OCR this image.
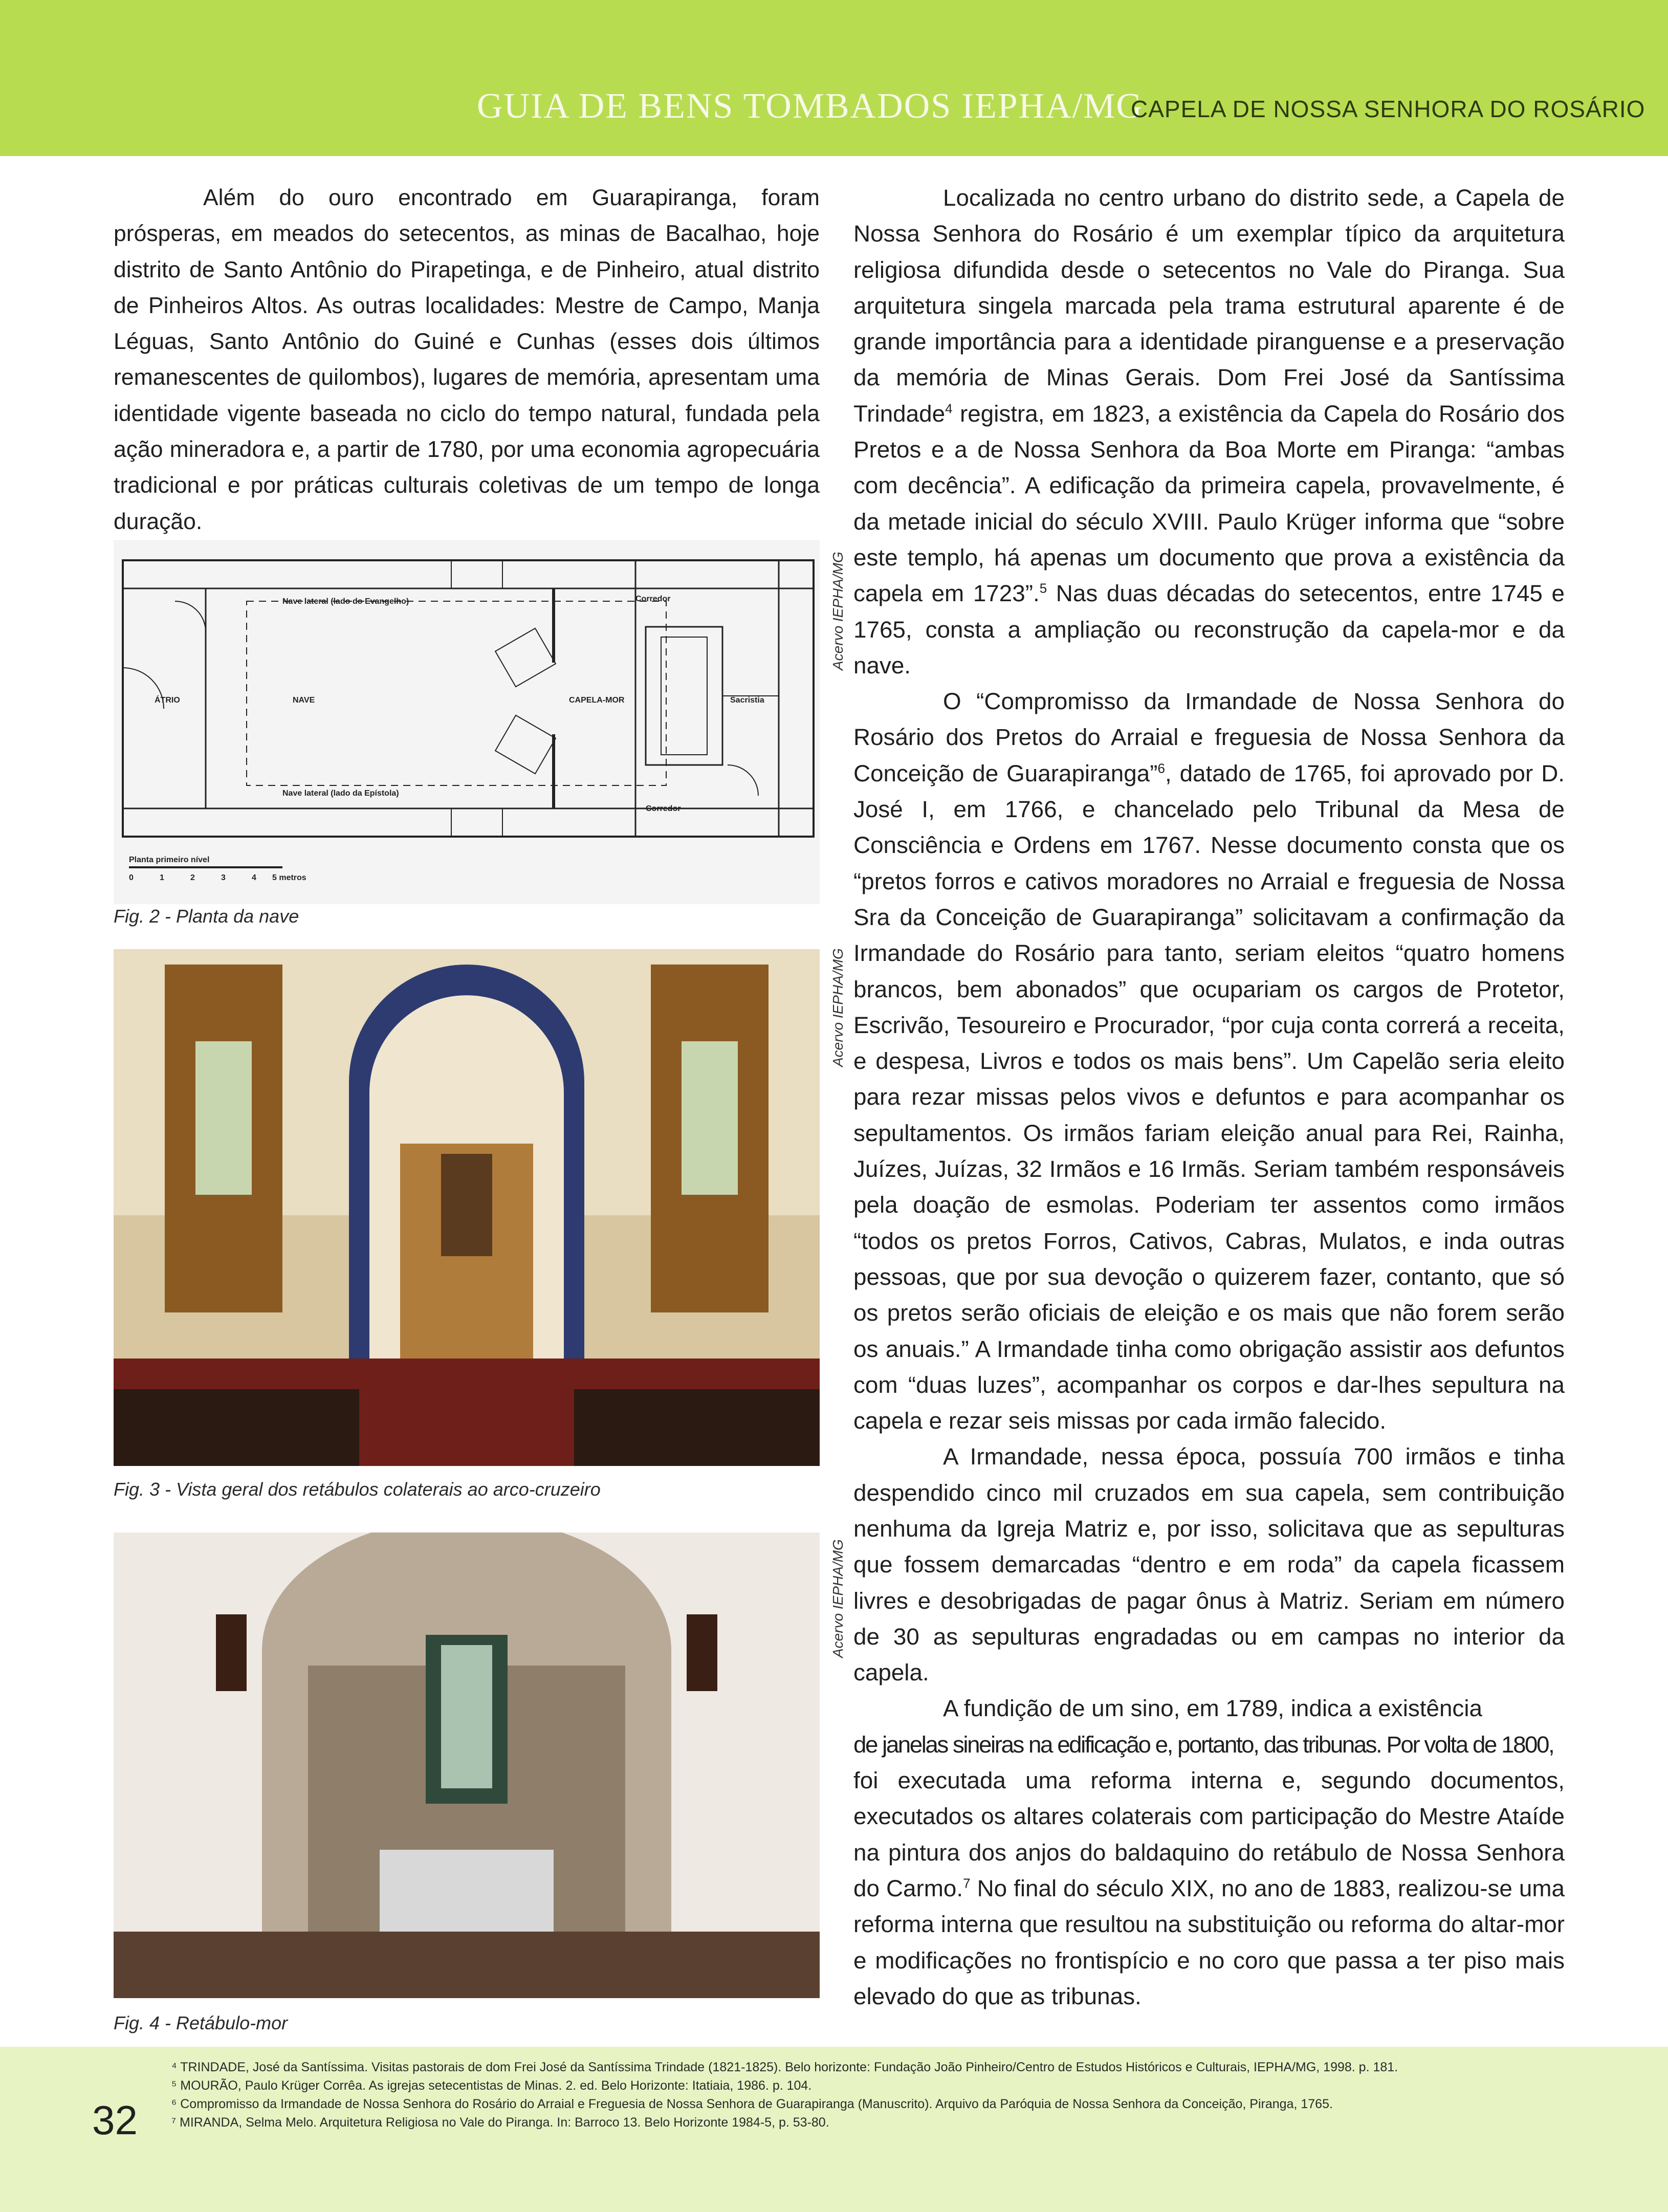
GUIA DE BENS TOMBADOS IEPHA/MG
CAPELA DE NOSSA SENHORA DO ROSÁRIO

Além do ouro encontrado em Guarapiranga, foram prósperas, em meados do setecentos, as minas de Bacalhao, hoje distrito de Santo Antônio do Pirapetinga, e de Pinheiro, atual distrito de Pinheiros Altos. As outras localidades: Mestre de Campo, Manja Léguas, Santo Antônio do Guiné e Cunhas (esses dois últimos remanescentes de quilombos), lugares de memória, apresentam uma identidade vigente baseada no ciclo do tempo natural, fundada pela ação mineradora e, a partir de 1780, por uma economia agropecuária tradicional e por práticas culturais coletivas de um tempo de longa duração.

Nave lateral (lado do Evangelho)
Nave lateral (lado da Epístola)
ÁTRIO	NAVE	CAPELA-MOR	Sacristia
Corredor
Corredor
Planta primeiro nível
0	1	2	3	4 5 metros
Fig. 2 - Planta da nave
Acervo IEPHA/MG
Fig. 3 - Vista geral dos retábulos colaterais ao arco-cruzeiro
Acervo IEPHA/MG
Fig. 4 - Retábulo-mor
Acervo IEPHA/MG

Localizada no centro urbano do distrito sede, a Capela de Nossa Senhora do Rosário é um exemplar típico da arquitetura religiosa difundida desde o setecentos no Vale do Piranga. Sua arquitetura singela marcada pela trama estrutural aparente é de grande importância para a identidade piranguense e a preservação da memória de Minas Gerais. Dom Frei José da Santíssima Trindade$^4$ registra, em 1823, a existência da Capela do Rosário dos Pretos e a de Nossa Senhora da Boa Morte em Piranga: “ambas com decência”. A edificação da primeira capela, provavelmente, é da metade inicial do século XVIII. Paulo Krüger informa que “sobre este templo, há apenas um documento que prova a existência da capela em 1723”.$^5$ Nas duas décadas do setecentos, entre 1745 e 1765, consta a ampliação ou reconstrução da capela-mor e da nave.

O “Compromisso da Irmandade de Nossa Senhora do Rosário dos Pretos do Arraial e freguesia de Nossa Senhora da Conceição de Guarapiranga”$^6$, datado de 1765, foi aprovado por D. José I, em 1766, e chancelado pelo Tribunal da Mesa de Consciência e Ordens em 1767. Nesse documento consta que os “pretos forros e cativos moradores no Arraial e freguesia de Nossa Sra da Conceição de Guarapiranga” solicitavam a confirmação da Irmandade do Rosário para tanto, seriam eleitos “quatro homens brancos, bem abonados” que ocupariam os cargos de Protetor, Escrivão, Tesoureiro e Procurador, “por cuja conta correrá a receita, e despesa, Livros e todos os mais bens”. Um Capelão seria eleito para rezar missas pelos vivos e defuntos e para acompanhar os sepultamentos. Os irmãos fariam eleição anual para Rei, Rainha, Juízes, Juízas, 32 Irmãos e 16 Irmãs. Seriam também responsáveis pela doação de esmolas. Poderiam ter assentos como irmãos “todos os pretos Forros, Cativos, Cabras, Mulatos, e inda outras pessoas, que por sua devoção o quizerem fazer, contanto, que só os pretos serão oficiais de eleição e os mais que não forem serão os anuais.” A Irmandade tinha como obrigação assistir aos defuntos com “duas luzes”, acompanhar os corpos e dar-lhes sepultura na capela e rezar seis missas por cada irmão falecido.

A Irmandade, nessa época, possuía 700 irmãos e tinha despendido cinco mil cruzados em sua capela, sem contribuição nenhuma da Igreja Matriz e, por isso, solicitava que as sepulturas que fossem demarcadas “dentro e em roda” da capela ficassem livres e desobrigadas de pagar ônus à Matriz. Seriam em número de 30 as sepulturas engradadas ou em campas no interior da capela.

A fundição de um sino, em 1789, indica a existência

de janelas sineiras na edificação e, portanto, das tribunas. Por volta de 1800,

foi executada uma reforma interna e, segundo documentos, executados os altares colaterais com participação do Mestre Ataíde na pintura dos anjos do baldaquino do retábulo de Nossa Senhora do Carmo.$^7$ No final do século XIX, no ano de 1883, realizou-se uma reforma interna que resultou na substituição ou reforma do altar-mor e modificações no frontispício e no coro que passa a ter piso mais elevado do que as tribunas.

⁴ TRINDADE, José da Santíssima. Visitas pastorais de dom Frei José da Santíssima Trindade (1821-1825). Belo horizonte: Fundação João Pinheiro/Centro de Estudos Históricos e Culturais, IEPHA/MG, 1998. p. 181.
⁵ MOURÃO, Paulo Krüger Corrêa. As igrejas setecentistas de Minas. 2. ed. Belo Horizonte: Itatiaia, 1986. p. 104.
⁶ Compromisso da Irmandade de Nossa Senhora do Rosário do Arraial e Freguesia de Nossa Senhora de Guarapiranga (Manuscrito). Arquivo da Paróquia de Nossa Senhora da Conceição, Piranga, 1765.
⁷ MIRANDA, Selma Melo. Arquitetura Religiosa no Vale do Piranga. In: Barroco 13. Belo Horizonte 1984-5, p. 53-80.
32
